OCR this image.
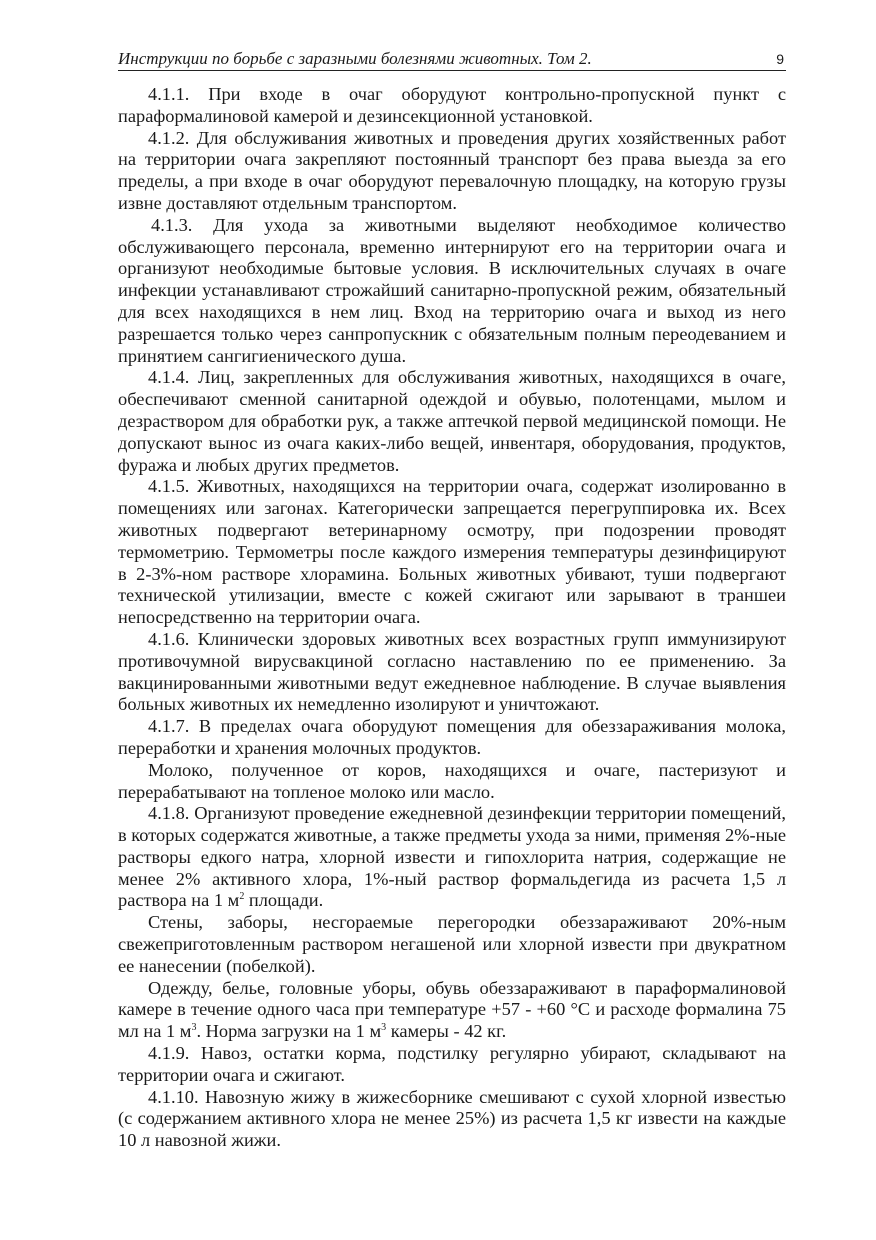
Инструкции по борьбе с заразными болезнями животных. Том 2.	9

4.1.1. При входе в очаг оборудуют контрольно-пропускной пункт с параформалиновой камерой и дезинсекционной установкой.

4.1.2. Для обслуживания животных и проведения других хозяйственных работ на территории очага закрепляют постоянный транспорт без права выезда за его пределы, а при входе в очаг оборудуют перевалочную площадку, на которую грузы извне доставляют отдельным транспортом.

4.1.3. Для ухода за животными выделяют необходимое количество обслуживающего персонала, временно интернируют его на территории очага и организуют необходимые бытовые условия. В исключительных случаях в очаге инфекции устанавливают строжайший санитарно-пропускной режим, обязательный для всех находящихся в нем лиц. Вход на территорию очага и выход из него разрешается только через санпропускник с обязательным полным переодеванием и принятием сангигиенического душа.

4.1.4. Лиц, закрепленных для обслуживания животных, находящихся в очаге, обеспечивают сменной санитарной одеждой и обувью, полотенцами, мылом и дезраствором для обработки рук, а также аптечкой первой медицинской помощи. Не допускают вынос из очага каких-либо вещей, инвентаря, оборудования, продуктов, фуража и любых других предметов.

4.1.5. Животных, находящихся на территории очага, содержат изолированно в помещениях или загонах. Категорически запрещается перегруппировка их. Всех животных подвергают ветеринарному осмотру, при подозрении проводят термометрию. Термометры после каждого измерения температуры дезинфицируют в 2-3%-ном растворе хлорамина. Больных животных убивают, туши подвергают технической утилизации, вместе с кожей сжигают или зарывают в траншеи непосредственно на территории очага.

4.1.6. Клинически здоровых животных всех возрастных групп иммунизируют противочумной вирусвакциной согласно наставлению по ее применению. За вакцинированными животными ведут ежедневное наблюдение. В случае выявления больных животных их немедленно изолируют и уничтожают.

4.1.7. В пределах очага оборудуют помещения для обеззараживания молока, переработки и хранения молочных продуктов.

Молоко, полученное от коров, находящихся и очаге, пастеризуют и перерабатывают на топленое молоко или масло.

4.1.8. Организуют проведение ежедневной дезинфекции территории помещений, в которых содержатся животные, а также предметы ухода за ними, применяя 2%-ные растворы едкого натра, хлорной извести и гипохлорита натрия, содержащие не менее 2% активного хлора, 1%-ный раствор формальдегида из расчета 1,5 л раствора на 1 $м^2$ площади.

Стены, заборы, несгораемые перегородки обеззараживают 20%-ным свежеприготовленным раствором негашеной или хлорной извести при двукратном ее нанесении (побелкой).

Одежду, белье, головные уборы, обувь обеззараживают в параформалиновой камере в течение одного часа при температуре +57 - +60 °С и расходе формалина 75 мл на 1 $м^3$. Норма загрузки на 1 $м^3$ камеры - 42 кг.

4.1.9. Навоз, остатки корма, подстилку регулярно убирают, складывают на территории очага и сжигают.

4.1.10. Навозную жижу в жижесборнике смешивают с сухой хлорной известью (с содержанием активного хлора не менее 25%) из расчета 1,5 кг извести на каждые 10 л навозной жижи.
